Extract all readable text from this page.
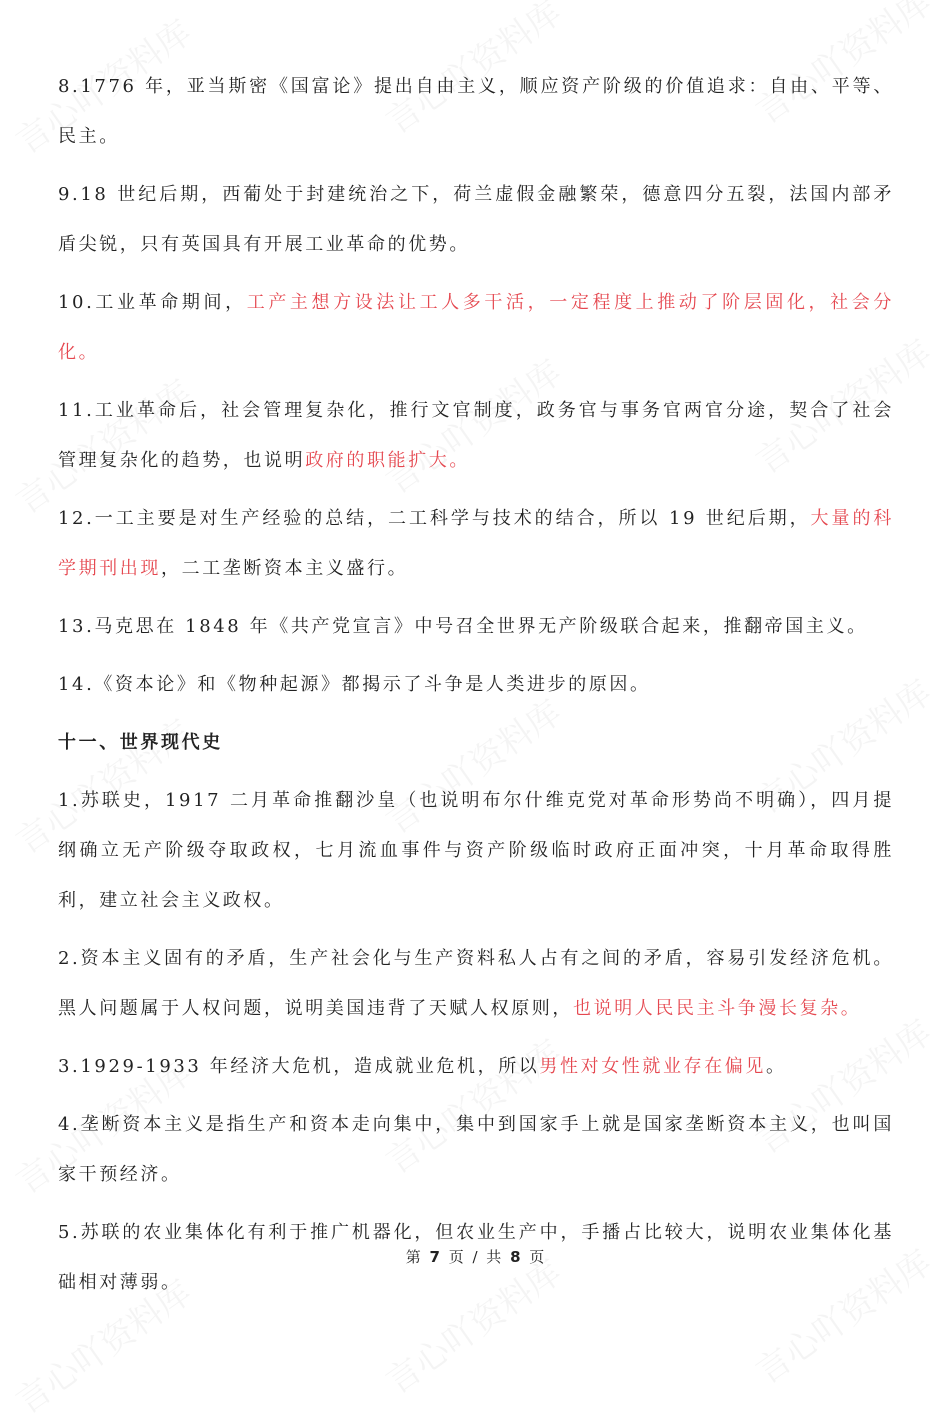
8.1776 年，亚当斯密《国富论》提出自由主义，顺应资产阶级的价值追求：自由、平等、民主。

9.18 世纪后期，西葡处于封建统治之下，荷兰虚假金融繁荣，德意四分五裂，法国内部矛盾尖锐，只有英国具有开展工业革命的优势。

10.工业革命期间，工产主想方设法让工人多干活，一定程度上推动了阶层固化，社会分化。

11.工业革命后，社会管理复杂化，推行文官制度，政务官与事务官两官分途，契合了社会管理复杂化的趋势，也说明政府的职能扩大。

12.一工主要是对生产经验的总结，二工科学与技术的结合，所以 19 世纪后期，大量的科学期刊出现，二工垄断资本主义盛行。

13.马克思在 1848 年《共产党宣言》中号召全世界无产阶级联合起来，推翻帝国主义。

14.《资本论》和《物种起源》都揭示了斗争是人类进步的原因。

十一、世界现代史

1.苏联史，1917 二月革命推翻沙皇（也说明布尔什维克党对革命形势尚不明确），四月提纲确立无产阶级夺取政权，七月流血事件与资产阶级临时政府正面冲突，十月革命取得胜利，建立社会主义政权。

2.资本主义固有的矛盾，生产社会化与生产资料私人占有之间的矛盾，容易引发经济危机。黑人问题属于人权问题，说明美国违背了天赋人权原则，也说明人民民主斗争漫长复杂。

3.1929-1933 年经济大危机，造成就业危机，所以男性对女性就业存在偏见。

4.垄断资本主义是指生产和资本走向集中，集中到国家手上就是国家垄断资本主义，也叫国家干预经济。

5.苏联的农业集体化有利于推广机器化，但农业生产中，手播占比较大，说明农业集体化基础相对薄弱。

第 7 页 / 共 8 页
